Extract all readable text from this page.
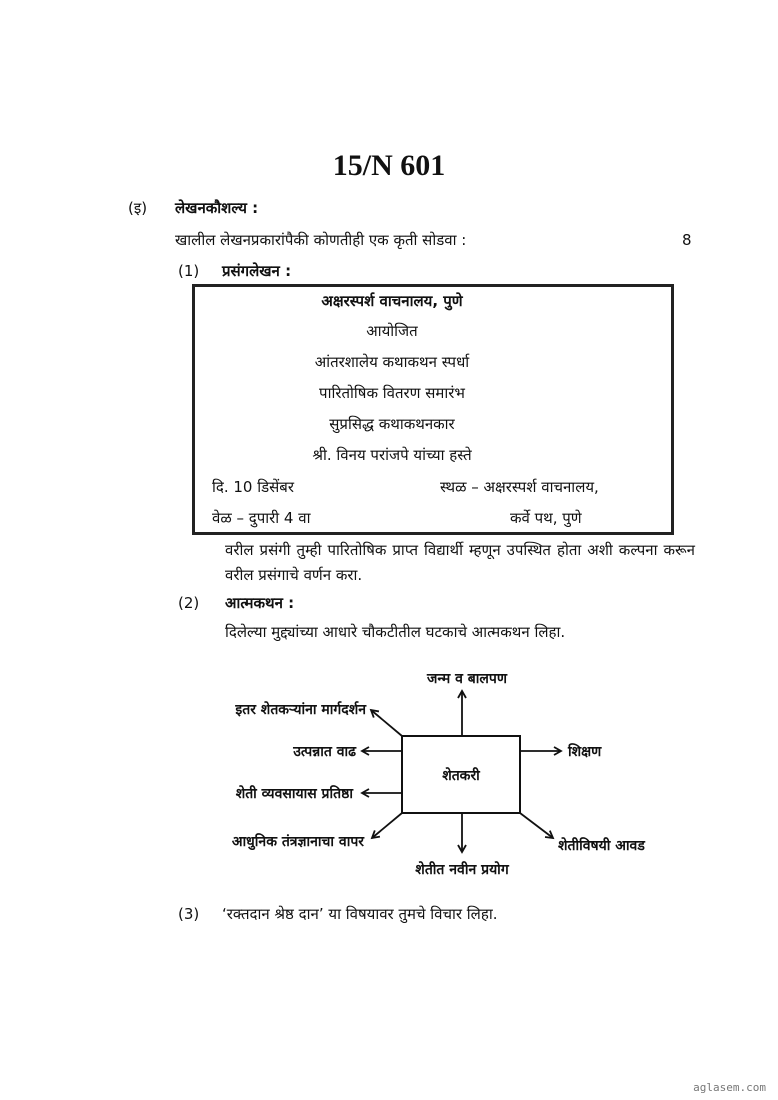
15/N 601
(इ) लेखनकौशल्य :
खालील लेखनप्रकारांपैकी कोणतीही एक कृती सोडवा :	8
(1) प्रसंगलेखन :
अक्षरस्पर्श वाचनालय, पुणे
आयोजित
आंतरशालेय कथाकथन स्पर्धा
पारितोषिक वितरण समारंभ
सुप्रसिद्ध कथाकथनकार
श्री. विनय परांजपे यांच्या हस्ते
दि. 10 डिसेंबर	स्थळ – अक्षरस्पर्श वाचनालय,
वेळ – दुपारी 4 वा	कर्वे पथ, पुणे
वरील प्रसंगी तुम्ही पारितोषिक प्राप्त विद्यार्थी म्हणून उपस्थित होता अशी कल्पना करून वरील प्रसंगाचे वर्णन करा.
(2) आत्मकथन :
दिलेल्या मुद्द्यांच्या आधारे चौकटीतील घटकाचे आत्मकथन लिहा.
शेतकरी
जन्म व बालपण
इतर शेतकऱ्यांना मार्गदर्शन
उत्पन्नात वाढ
शेती व्यवसायास प्रतिष्ठा
आधुनिक तंत्रज्ञानाचा वापर
शेतीत नवीन प्रयोग
शिक्षण
शेतीविषयी आवड
(3) ‘रक्तदान श्रेष्ठ दान’ या विषयावर तुमचे विचार लिहा.
aglasem.com
